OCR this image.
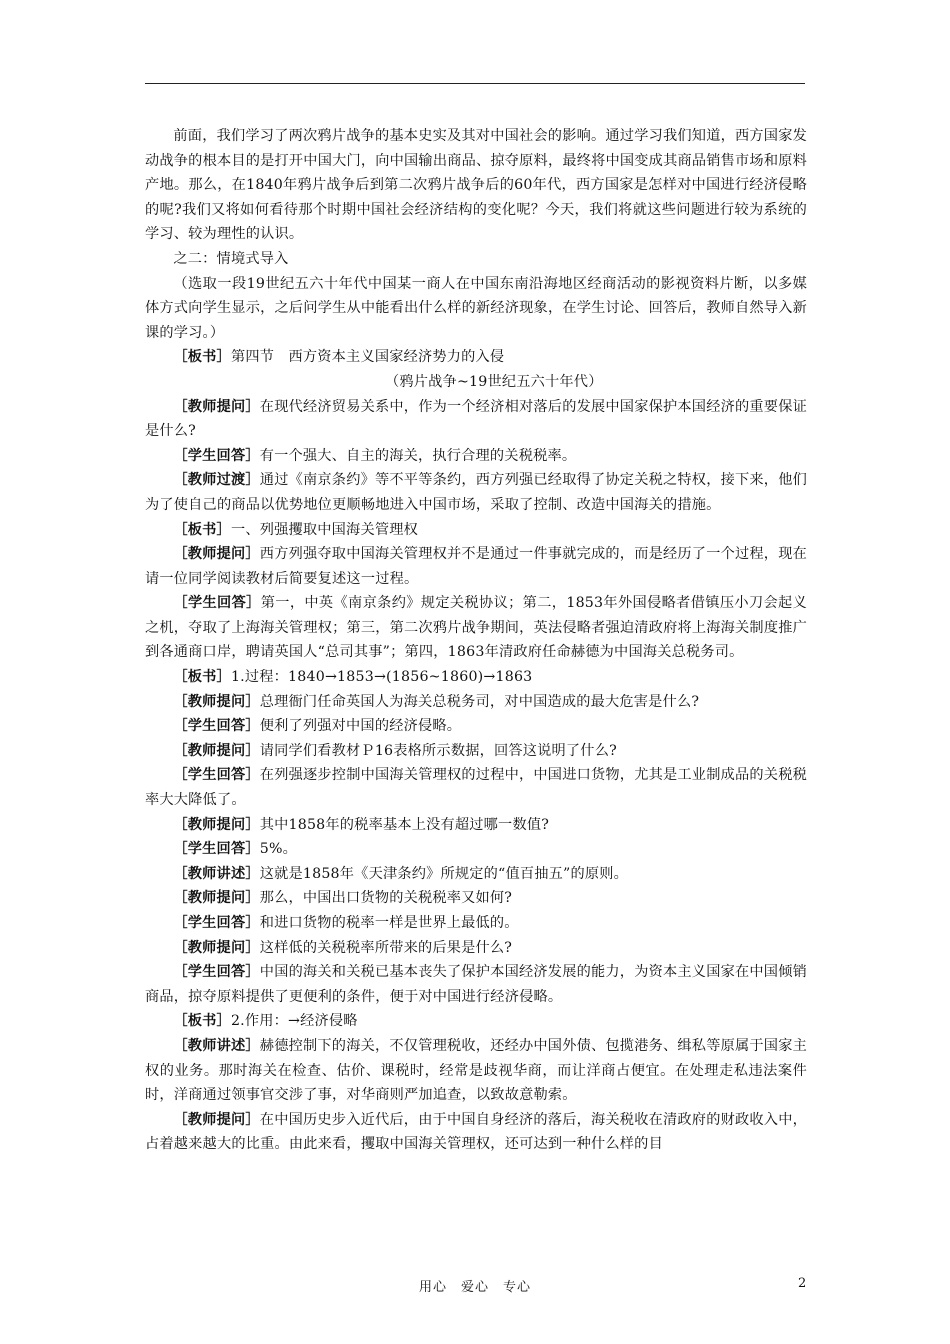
前面，我们学习了两次鸦片战争的基本史实及其对中国社会的影响。通过学习我们知道，西方国家发动战争的根本目的是打开中国大门，向中国输出商品、掠夺原料，最终将中国变成其商品销售市场和原料产地。那么，在1840年鸦片战争后到第二次鸦片战争后的60年代，西方国家是怎样对中国进行经济侵略的呢?我们又将如何看待那个时期中国社会经济结构的变化呢？今天，我们将就这些问题进行较为系统的学习、较为理性的认识。

之二：情境式导入

（选取一段19世纪五六十年代中国某一商人在中国东南沿海地区经商活动的影视资料片断，以多媒体方式向学生显示，之后问学生从中能看出什么样的新经济现象，在学生讨论、回答后，教师自然导入新课的学习。）

［板书］第四节　西方资本主义国家经济势力的入侵

（鸦片战争~19世纪五六十年代）

［教师提问］在现代经济贸易关系中，作为一个经济相对落后的发展中国家保护本国经济的重要保证是什么?

［学生回答］有一个强大、自主的海关，执行合理的关税税率。

［教师过渡］通过《南京条约》等不平等条约，西方列强已经取得了协定关税之特权，接下来，他们为了使自己的商品以优势地位更顺畅地进入中国市场，采取了控制、改造中国海关的措施。

［板书］一、列强攫取中国海关管理权

［教师提问］西方列强夺取中国海关管理权并不是通过一件事就完成的，而是经历了一个过程，现在请一位同学阅读教材后简要复述这一过程。

［学生回答］第一，中英《南京条约》规定关税协议；第二，1853年外国侵略者借镇压小刀会起义之机，夺取了上海海关管理权；第三，第二次鸦片战争期间，英法侵略者强迫清政府将上海海关制度推广到各通商口岸，聘请英国人“总司其事”；第四，1863年清政府任命赫德为中国海关总税务司。

［板书］1.过程：1840→1853→(1856~1860)→1863

［教师提问］总理衙门任命英国人为海关总税务司，对中国造成的最大危害是什么?

［学生回答］便利了列强对中国的经济侵略。

［教师提问］请同学们看教材Ｐ16表格所示数据，回答这说明了什么?

［学生回答］在列强逐步控制中国海关管理权的过程中，中国进口货物，尤其是工业制成品的关税税率大大降低了。

［教师提问］其中1858年的税率基本上没有超过哪一数值?

［学生回答］5%。

［教师讲述］这就是1858年《天津条约》所规定的“值百抽五”的原则。

［教师提问］那么，中国出口货物的关税税率又如何?

［学生回答］和进口货物的税率一样是世界上最低的。

［教师提问］这样低的关税税率所带来的后果是什么?

［学生回答］中国的海关和关税已基本丧失了保护本国经济发展的能力，为资本主义国家在中国倾销商品，掠夺原料提供了更便利的条件，便于对中国进行经济侵略。

［板书］2.作用：→经济侵略

［教师讲述］赫德控制下的海关，不仅管理税收，还经办中国外债、包揽港务、缉私等原属于国家主权的业务。那时海关在检查、估价、课税时，经常是歧视华商，而让洋商占便宜。在处理走私违法案件时，洋商通过领事官交涉了事，对华商则严加追查，以致故意勒索。

［教师提问］在中国历史步入近代后，由于中国自身经济的落后，海关税收在清政府的财政收入中，占着越来越大的比重。由此来看，攫取中国海关管理权，还可达到一种什么样的目

用心　爱心　专心	2
